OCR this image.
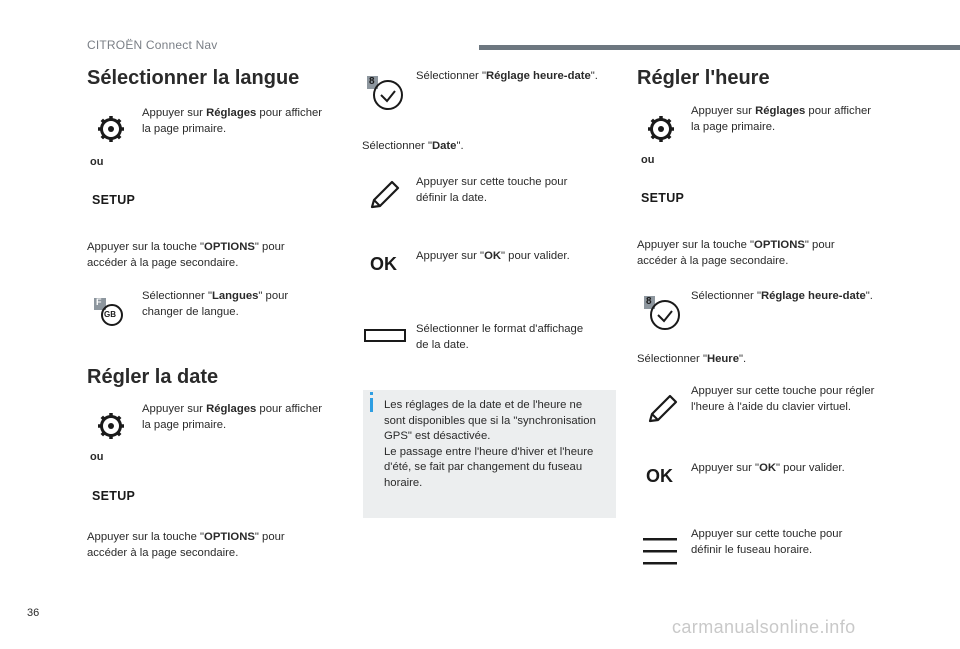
CITROËN Connect Nav
Sélectionner la langue
Appuyer sur Réglages pour afficher
la page primaire.
ou
SETUP
Appuyer sur la touche "OPTIONS" pour
accéder à la page secondaire.
F
GB
Sélectionner "Langues" pour
changer de langue.
Régler la date
Appuyer sur Réglages pour afficher
la page primaire.
ou
SETUP
Appuyer sur la touche "OPTIONS" pour
accéder à la page secondaire.
8	Sélectionner "Réglage heure-date".
Sélectionner "Date".
Appuyer sur cette touche pour
définir la date.
OK Appuyer sur "OK" pour valider.
Sélectionner le format d'affichage
de la date.
Les réglages de la date et de l'heure ne
sont disponibles que si la "synchronisation
GPS" est désactivée.
Le passage entre l'heure d'hiver et l'heure
d'été, se fait par changement du fuseau
horaire.
Régler l'heure
Appuyer sur Réglages pour afficher
la page primaire.
ou
SETUP
Appuyer sur la touche "OPTIONS" pour
accéder à la page secondaire.
8	Sélectionner "Réglage heure-date".
Sélectionner "Heure".
Appuyer sur cette touche pour régler
l'heure à l'aide du clavier virtuel.
OK Appuyer sur "OK" pour valider.
Appuyer sur cette touche pour
définir le fuseau horaire.
36
carmanualsonline.info
